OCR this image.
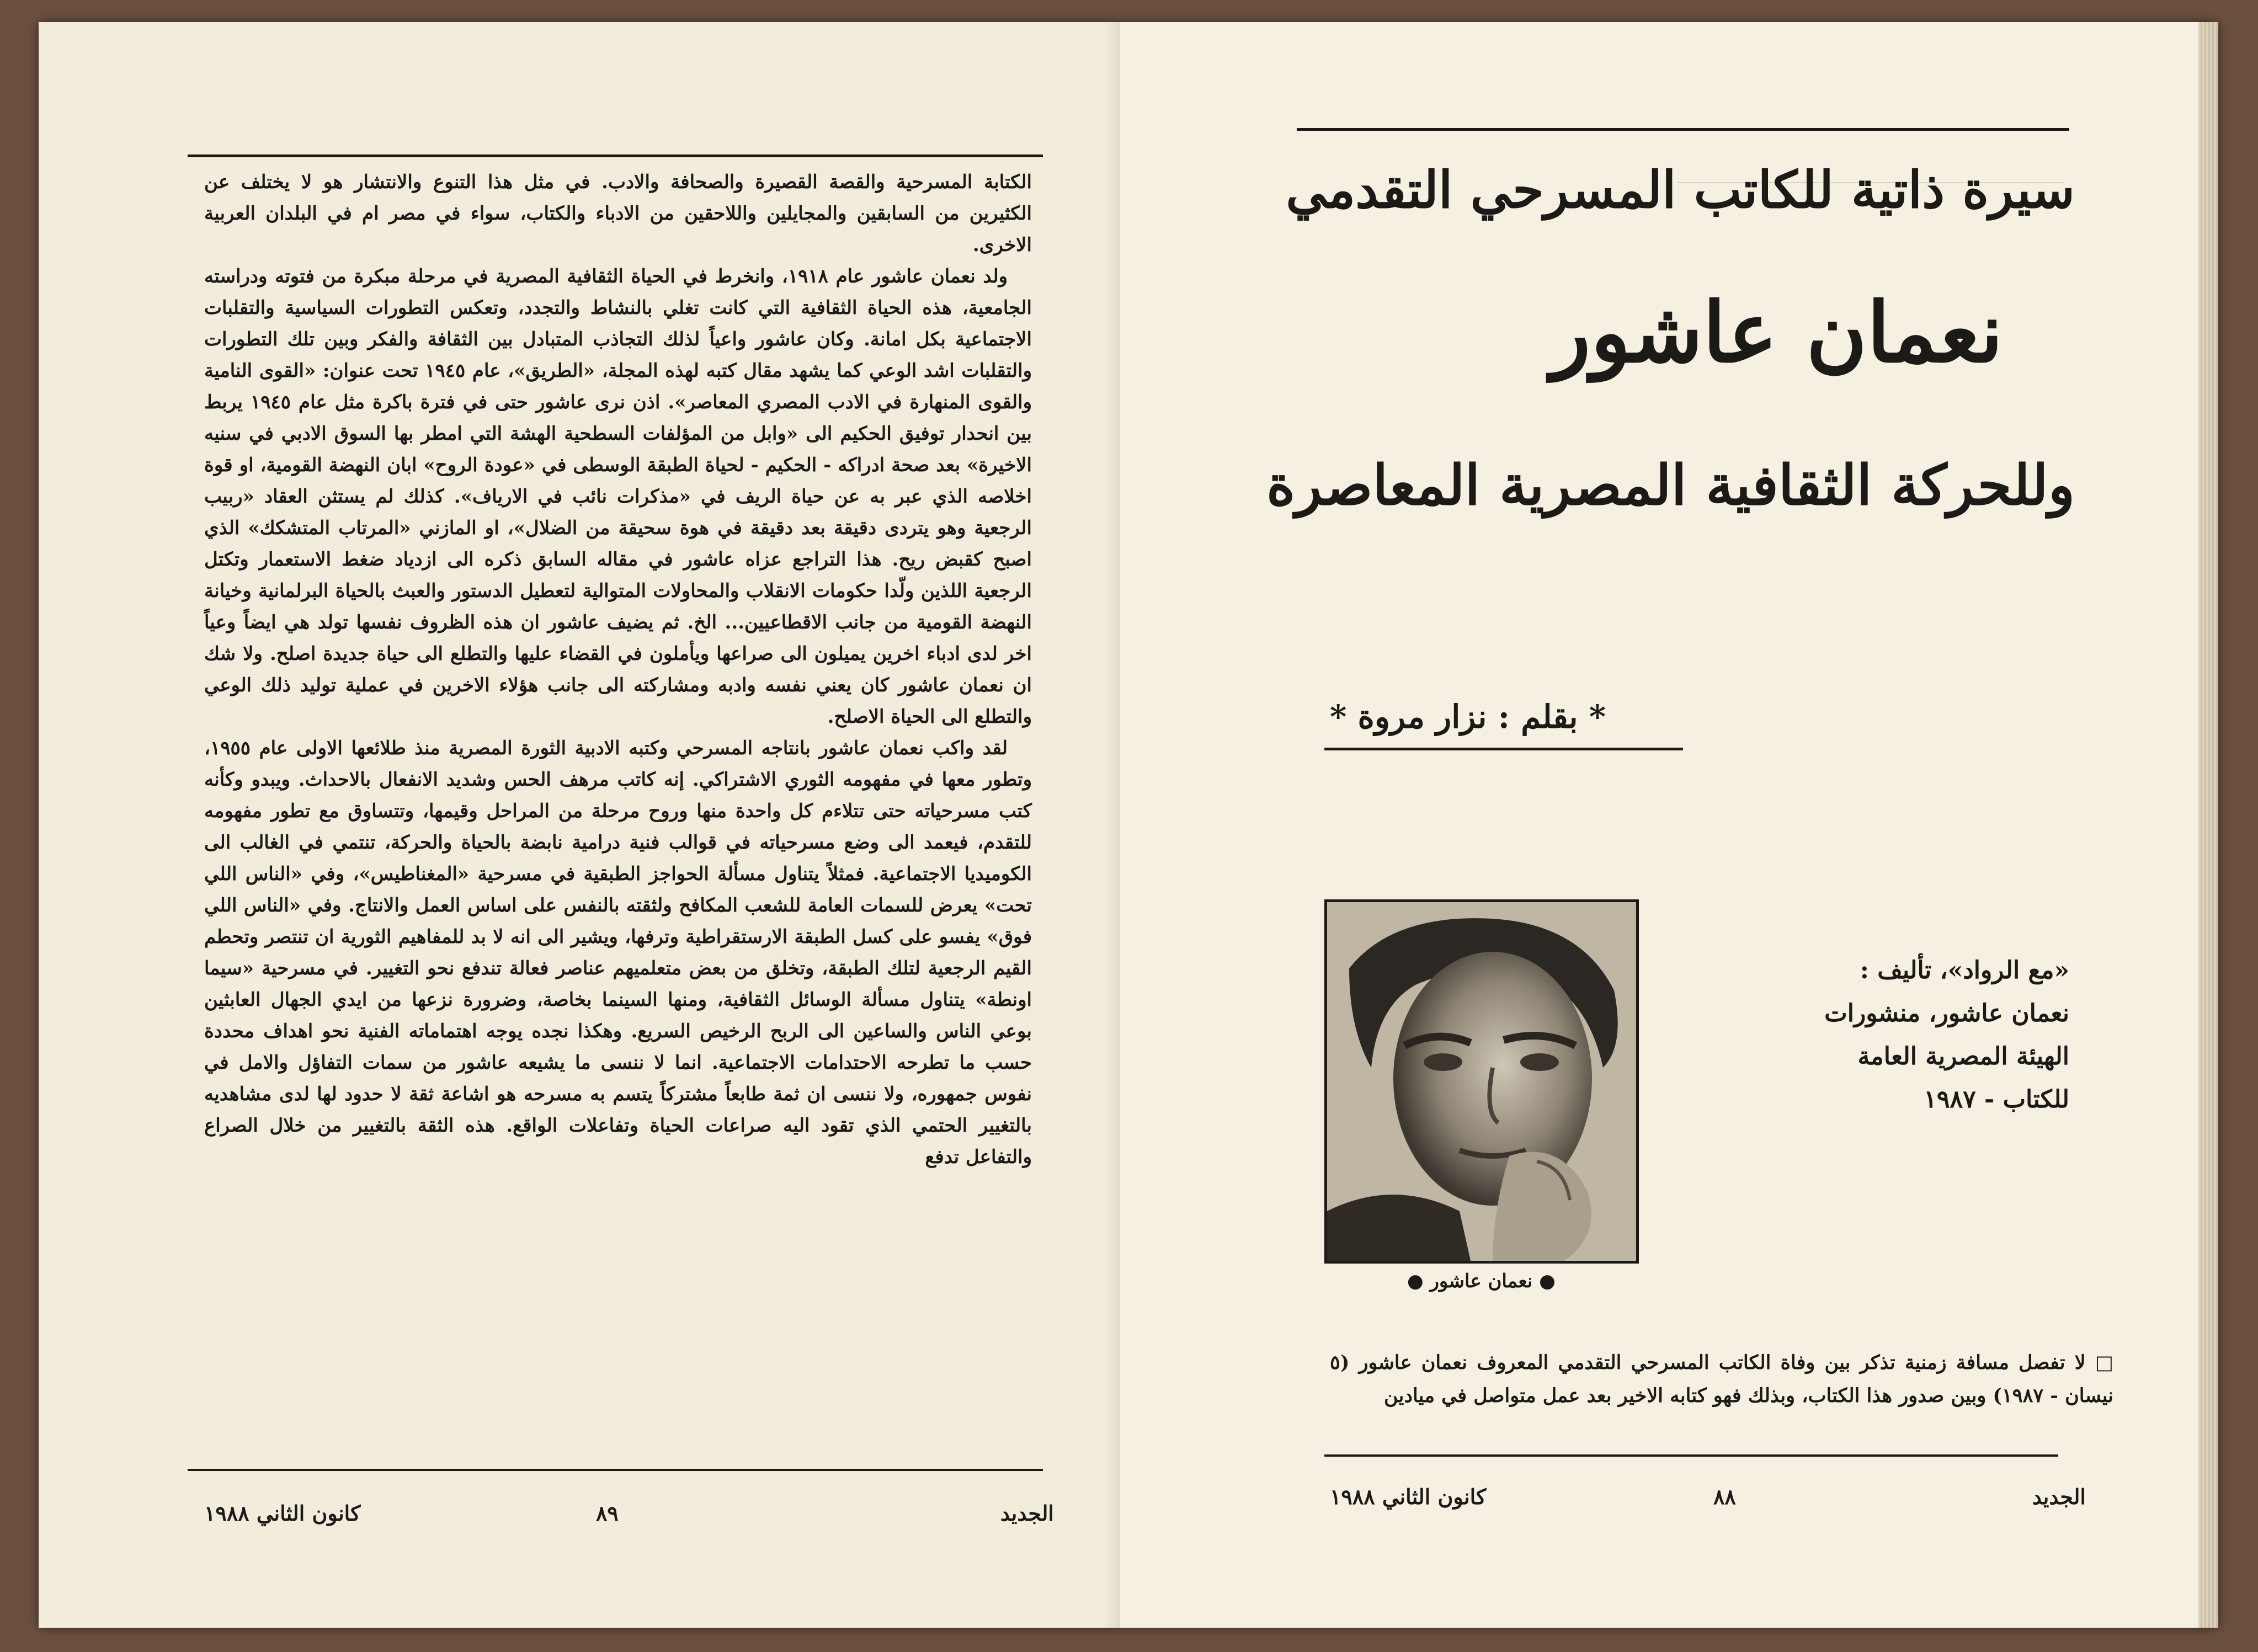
الكتابة المسرحية والقصة القصيرة والصحافة والادب. في مثل هذا التنوع والانتشار هو لا يختلف عن الكثيرين من السابقين والمجايلين واللاحقين من الادباء والكتاب، سواء في مصر ام في البلدان العربية الاخرى.

ولد نعمان عاشور عام ١٩١٨، وانخرط في الحياة الثقافية المصرية في مرحلة مبكرة من فتوته ودراسته الجامعية، هذه الحياة الثقافية التي كانت تغلي بالنشاط والتجدد، وتعكس التطورات السياسية والتقلبات الاجتماعية بكل امانة. وكان عاشور واعياً لذلك التجاذب المتبادل بين الثقافة والفكر وبين تلك التطورات والتقلبات اشد الوعي كما يشهد مقال كتبه لهذه المجلة، «الطريق»، عام ١٩٤٥ تحت عنوان: «القوى النامية والقوى المنهارة في الادب المصري المعاصر». اذن نرى عاشور حتى في فترة باكرة مثل عام ١٩٤٥ يربط بين انحدار توفيق الحكيم الى «وابل من المؤلفات السطحية الهشة التي امطر بها السوق الادبي في سنيه الاخيرة» بعد صحة ادراكه - الحكيم - لحياة الطبقة الوسطى في «عودة الروح» ابان النهضة القومية، او قوة اخلاصه الذي عبر به عن حياة الريف في «مذكرات نائب في الارياف». كذلك لم يستثن العقاد «ربيب الرجعية وهو يتردى دقيقة بعد دقيقة في هوة سحيقة من الضلال»، او المازني «المرتاب المتشكك» الذي اصبح كقبض ريح. هذا التراجع عزاه عاشور في مقاله السابق ذكره الى ازدياد ضغط الاستعمار وتكتل الرجعية اللذين ولّدا حكومات الانقلاب والمحاولات المتوالية لتعطيل الدستور والعبث بالحياة البرلمانية وخيانة النهضة القومية من جانب الاقطاعيين... الخ. ثم يضيف عاشور ان هذه الظروف نفسها تولد هي ايضاً وعياً اخر لدى ادباء اخرين يميلون الى صراعها ويأملون في القضاء عليها والتطلع الى حياة جديدة اصلح. ولا شك ان نعمان عاشور كان يعني نفسه وادبه ومشاركته الى جانب هؤلاء الاخرين في عملية توليد ذلك الوعي والتطلع الى الحياة الاصلح.

لقد واكب نعمان عاشور بانتاجه المسرحي وكتبه الادبية الثورة المصرية منذ طلائعها الاولى عام ١٩٥٥، وتطور معها في مفهومه الثوري الاشتراكي. إنه كاتب مرهف الحس وشديد الانفعال بالاحداث. ويبدو وكأنه كتب مسرحياته حتى تتلاءم كل واحدة منها وروح مرحلة من المراحل وقيمها، وتتساوق مع تطور مفهومه للتقدم، فيعمد الى وضع مسرحياته في قوالب فنية درامية نابضة بالحياة والحركة، تنتمي في الغالب الى الكوميديا الاجتماعية. فمثلاً يتناول مسألة الحواجز الطبقية في مسرحية «المغناطيس»، وفي «الناس اللي تحت» يعرض للسمات العامة للشعب المكافح ولثقته بالنفس على اساس العمل والانتاج. وفي «الناس اللي فوق» يفسو على كسل الطبقة الارستقراطية وترفها، ويشير الى انه لا بد للمفاهيم الثورية ان تنتصر وتحطم القيم الرجعية لتلك الطبقة، وتخلق من بعض متعلميهم عناصر فعالة تندفع نحو التغيير. في مسرحية «سيما اونطة» يتناول مسألة الوسائل الثقافية، ومنها السينما بخاصة، وضرورة نزعها من ايدي الجهال العابثين بوعي الناس والساعين الى الربح الرخيص السريع. وهكذا نجده يوجه اهتماماته الفنية نحو اهداف محددة حسب ما تطرحه الاحتدامات الاجتماعية. انما لا ننسى ما يشيعه عاشور من سمات التفاؤل والامل في نفوس جمهوره، ولا ننسى ان ثمة طابعاً مشتركاً يتسم به مسرحه هو اشاعة ثقة لا حدود لها لدى مشاهديه بالتغيير الحتمي الذي تقود اليه صراعات الحياة وتفاعلات الواقع. هذه الثقة بالتغيير من خلال الصراع والتفاعل تدفع

الجديد
٨٩
كانون الثاني ١٩٨٨
سيرة ذاتية للكاتب المسرحي التقدمي
نعمان عاشور
وللحركة الثقافية المصرية المعاصرة
* بقلم : نزار مروة *
«مع الرواد»، تأليف :
نعمان عاشور، منشورات
الهيئة المصرية العامة
للكتاب - ١٩٨٧
● نعمان عاشور ●
□ لا تفصل مسافة زمنية تذكر بين وفاة الكاتب المسرحي التقدمي المعروف نعمان عاشور (٥ نيسان - ١٩٨٧) وبين صدور هذا الكتاب، وبذلك فهو كتابه الاخير بعد عمل متواصل في ميادين
الجديد
٨٨
كانون الثاني ١٩٨٨
